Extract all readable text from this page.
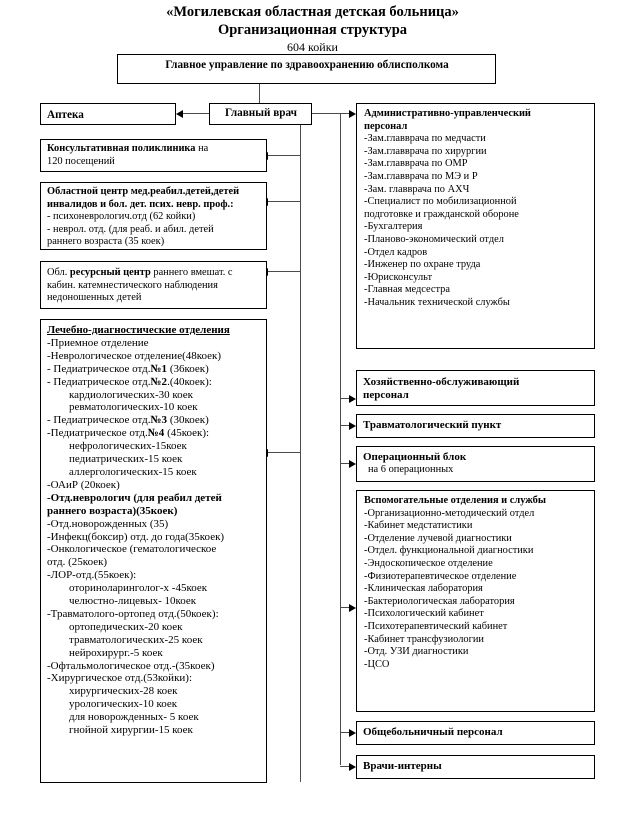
«Могилевская областная детская больница»
Организационная структура
604 койки
Главное управление по здравоохранению облисполкома
Главный врач
Аптека
Консультативная поликлиника на
120 посещений
Областной центр мед.реабил.детей,детей
инвалидов и бол. дет. псих. невр. проф.:
- психоневрологич.отд (62 койки)
- неврол. отд. (для реаб. и абил. детей
раннего возраста (35 коек)
Обл. ресурсный центр раннего вмешат. с
кабин. катемнестического наблюдения
недоношенных детей
Лечебно-диагностические отделения
-Приемное отделение
-Неврологическое отделение(48коек)
- Педиатрическое отд.№1 (36коек)
- Педиатрическое отд.№2.(40коек):
кардиологических-30 коек
ревматологических-10 коек
- Педиатрическое отд.№3 (30коек)
-Педиатрическое отд.№4 (45коек):
нефрологических-15коек
педиатрических-15 коек
аллергологических-15 коек
-ОАиР (20коек)
-Отд.неврологич (для реабил детей
раннего возраста)(35коек)
-Отд.новорожденных (35)
-Инфекц(боксир) отд. до года(35коек)
-Онкологическое (гематологическое
отд. (25коек)
-ЛОР-отд.(55коек):
оториноларинголог-х -45коек
челюстно-лицевых- 10коек
-Травматолого-ортопед отд.(50коек):
ортопедических-20 коек
травматологических-25 коек
нейрохирург.-5 коек
-Офтальмологическое отд.-(35коек)
-Хирургическое отд.(53койки):
хирургических-28 коек
урологических-10 коек
для новорожденных- 5 коек
гнойной хирургии-15 коек
Административно-управленческий
персонал
-Зам.главврача по медчасти
-Зам.главврача по хирургии
-Зам.главврача по ОМР
-Зам.главврача по МЭ и Р
-Зам. главврача по АХЧ
-Специалист по мобилизационной
подготовке и гражданской обороне
-Бухгалтерия
-Планово-экономический отдел
-Отдел кадров
-Инженер по охране труда
-Юрисконсульт
-Главная медсестра
-Начальник технической службы
Хозяйственно-обслуживающий
персонал
Травматологический пункт
Операционный блок
на 6 операционных
Вспомогательные отделения и службы
-Организационно-методический отдел
-Кабинет медстатистики
-Отделение лучевой диагностики
-Отдел. функциональной диагностики
-Эндоскопическое отделение
-Физиотерапевтическое отделение
-Клиническая лаборатория
-Бактериологическая лаборатория
-Психологический кабинет
-Психотерапевтический кабинет
-Кабинет трансфузиологии
-Отд. УЗИ диагностики
-ЦСО
Общебольничный персонал
Врачи-интерны
